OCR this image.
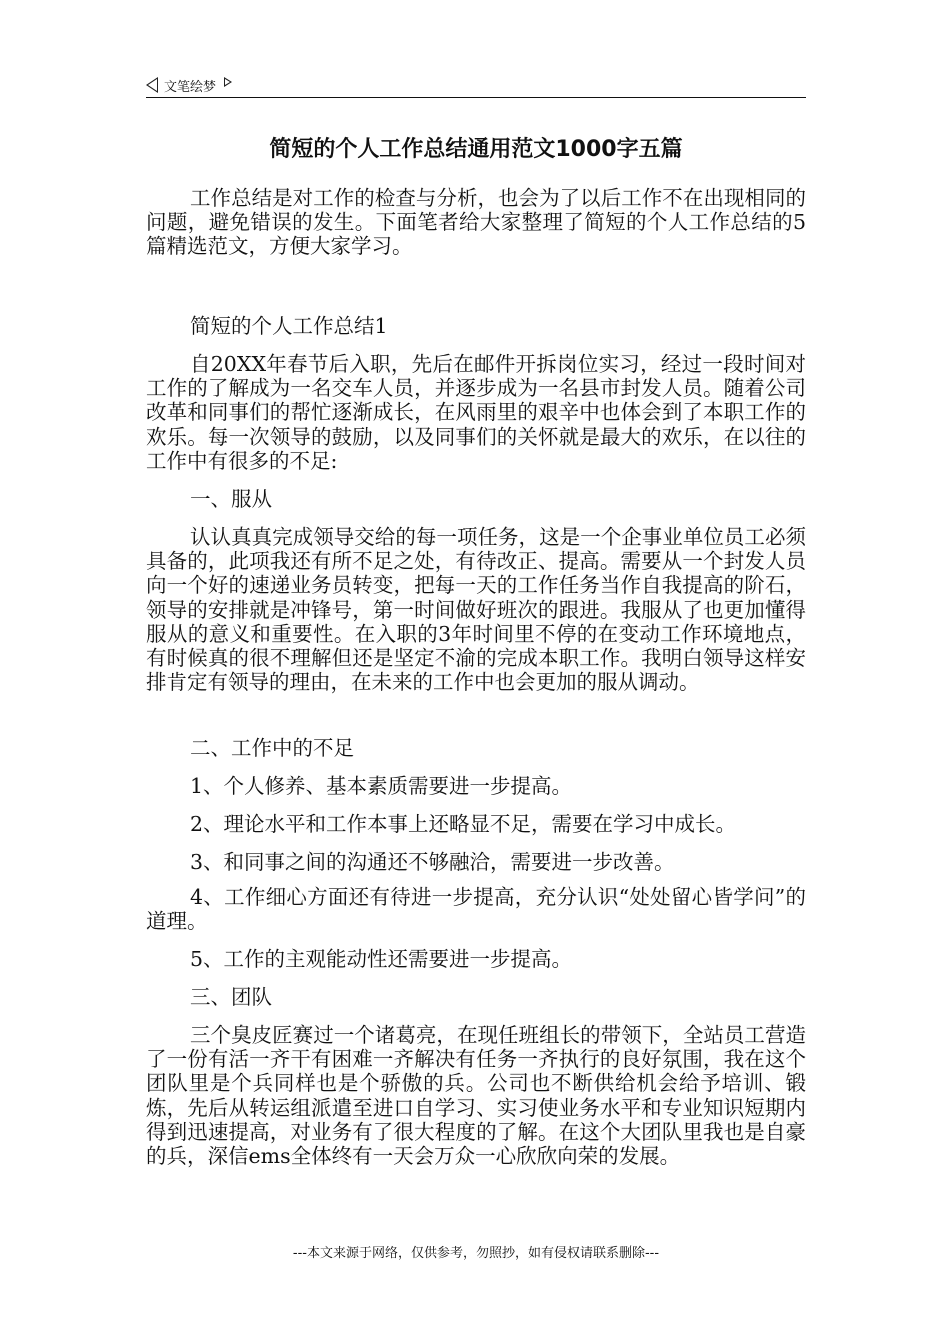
文笔绘梦
简短的个人工作总结通用范文1000字五篇

工作总结是对工作的检查与分析，也会为了以后工作不在出现相同的问题，避免错误的发生。下面笔者给大家整理了简短的个人工作总结的5篇精选范文，方便大家学习。

简短的个人工作总结1

自20XX年春节后入职，先后在邮件开拆岗位实习，经过一段时间对工作的了解成为一名交车人员，并逐步成为一名县市封发人员。随着公司改革和同事们的帮忙逐渐成长，在风雨里的艰辛中也体会到了本职工作的欢乐。每一次领导的鼓励，以及同事们的关怀就是最大的欢乐，在以往的工作中有很多的不足:

一、服从

认认真真完成领导交给的每一项任务，这是一个企事业单位员工必须具备的，此项我还有所不足之处，有待改正、提高。需要从一个封发人员向一个好的速递业务员转变，把每一天的工作任务当作自我提高的阶石，领导的安排就是冲锋号，第一时间做好班次的跟进。我服从了也更加懂得服从的意义和重要性。在入职的3年时间里不停的在变动工作环境地点，有时候真的很不理解但还是坚定不渝的完成本职工作。我明白领导这样安排肯定有领导的理由，在未来的工作中也会更加的服从调动。

二、工作中的不足

1、个人修养、基本素质需要进一步提高。

2、理论水平和工作本事上还略显不足，需要在学习中成长。

3、和同事之间的沟通还不够融洽，需要进一步改善。

4、工作细心方面还有待进一步提高，充分认识“处处留心皆学问”的道理。

5、工作的主观能动性还需要进一步提高。

三、团队

三个臭皮匠赛过一个诸葛亮，在现任班组长的带领下，全站员工营造了一份有活一齐干有困难一齐解决有任务一齐执行的良好氛围，我在这个团队里是个兵同样也是个骄傲的兵。公司也不断供给机会给予培训、锻炼，先后从转运组派遣至进口自学习、实习使业务水平和专业知识短期内得到迅速提高，对业务有了很大程度的了解。在这个大团队里我也是自豪的兵，深信ems全体终有一天会万众一心欣欣向荣的发展。

---本文来源于网络，仅供参考，勿照抄，如有侵权请联系删除---
